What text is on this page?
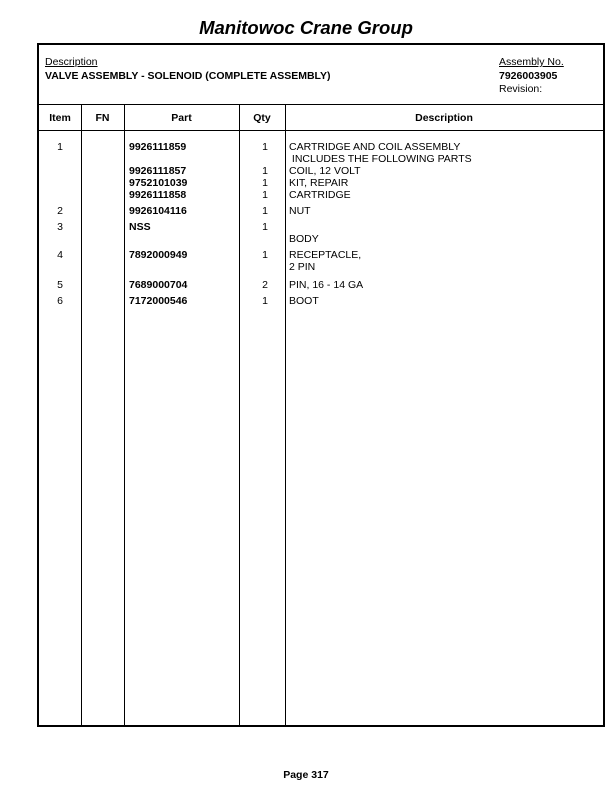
Manitowoc Crane Group
Description
VALVE ASSEMBLY - SOLENOID (COMPLETE ASSEMBLY)
Assembly No.
7926003905
Revision:
Item	FN	Part	Qty	Description
1	9926111859	1	CARTRIDGE AND COIL ASSEMBLY
INCLUDES THE FOLLOWING PARTS
9926111857	1	COIL, 12 VOLT
9752101039	1	KIT, REPAIR
9926111858	1	CARTRIDGE
2	9926104116	1	NUT
3	NSS	1
BODY
4	7892000949	1	RECEPTACLE,
2 PIN
5	7689000704	2	PIN, 16 - 14 GA
6	7172000546	1	BOOT
Page 317
